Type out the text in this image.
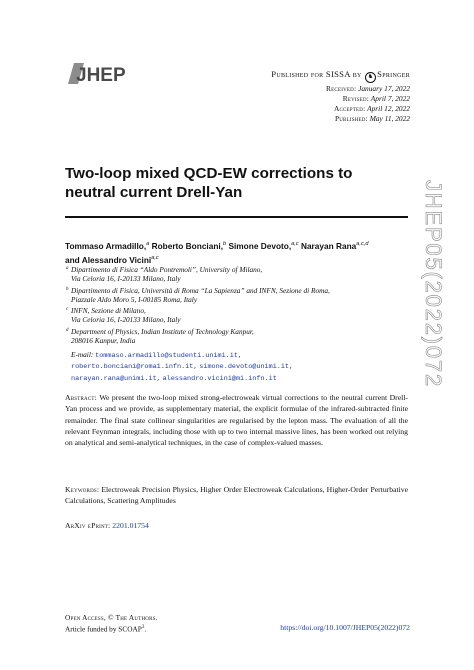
JHEP	Published for SISSA by ♞ Springer
Received: January 17, 2022
Revised: April 7, 2022
Accepted: April 12, 2022
Published: May 11, 2022
Two-loop mixed QCD-EW corrections to neutral current Drell-Yan
Tommaso Armadillo,$^a$ Roberto Bonciani,$^b$ Simone Devoto,$^{a,c}$ Narayan Rana$^{a,c,d}$
and Alessandro Vicini$^{a,c}$
a Dipartimento di Fisica “Aldo Pontremoli”, University of Milano,
Via Celoria 16, I-20133 Milano, Italy
b Dipartimento di Fisica, Università di Roma “La Sapienza” and INFN, Sezione di Roma,
Piazzale Aldo Moro 5, I-00185 Roma, Italy
c INFN, Sezione di Milano,
Via Celoria 16, I-20133 Milano, Italy
d Department of Physics, Indian Institute of Technology Kanpur,
208016 Kanpur, India
E-mail: tommaso.armadillo@studenti.unimi.it,
roberto.bonciani@roma1.infn.it, simone.devoto@unimi.it,
narayan.rana@unimi.it, alessandro.vicini@mi.infn.it
Abstract: We present the two-loop mixed strong-electroweak virtual corrections to the neutral current Drell-Yan process and we provide, as supplementary material, the explicit formulae of the infrared-subtracted finite remainder. The final state collinear singularities are regularised by the lepton mass. The evaluation of all the relevant Feynman integrals, including those with up to two internal massive lines, has been worked out relying on analytical and semi-analytical techniques, in the case of complex-valued masses.
Keywords: Electroweak Precision Physics, Higher Order Electroweak Calculations, Higher-Order Perturbative Calculations, Scattering Amplitudes
ArXiv ePrint: 2201.01754
Open Access, © The Authors.
Article funded by SCOAP$^3$.	https://doi.org/10.1007/JHEP05(2022)072
JHEP05(2022)072
